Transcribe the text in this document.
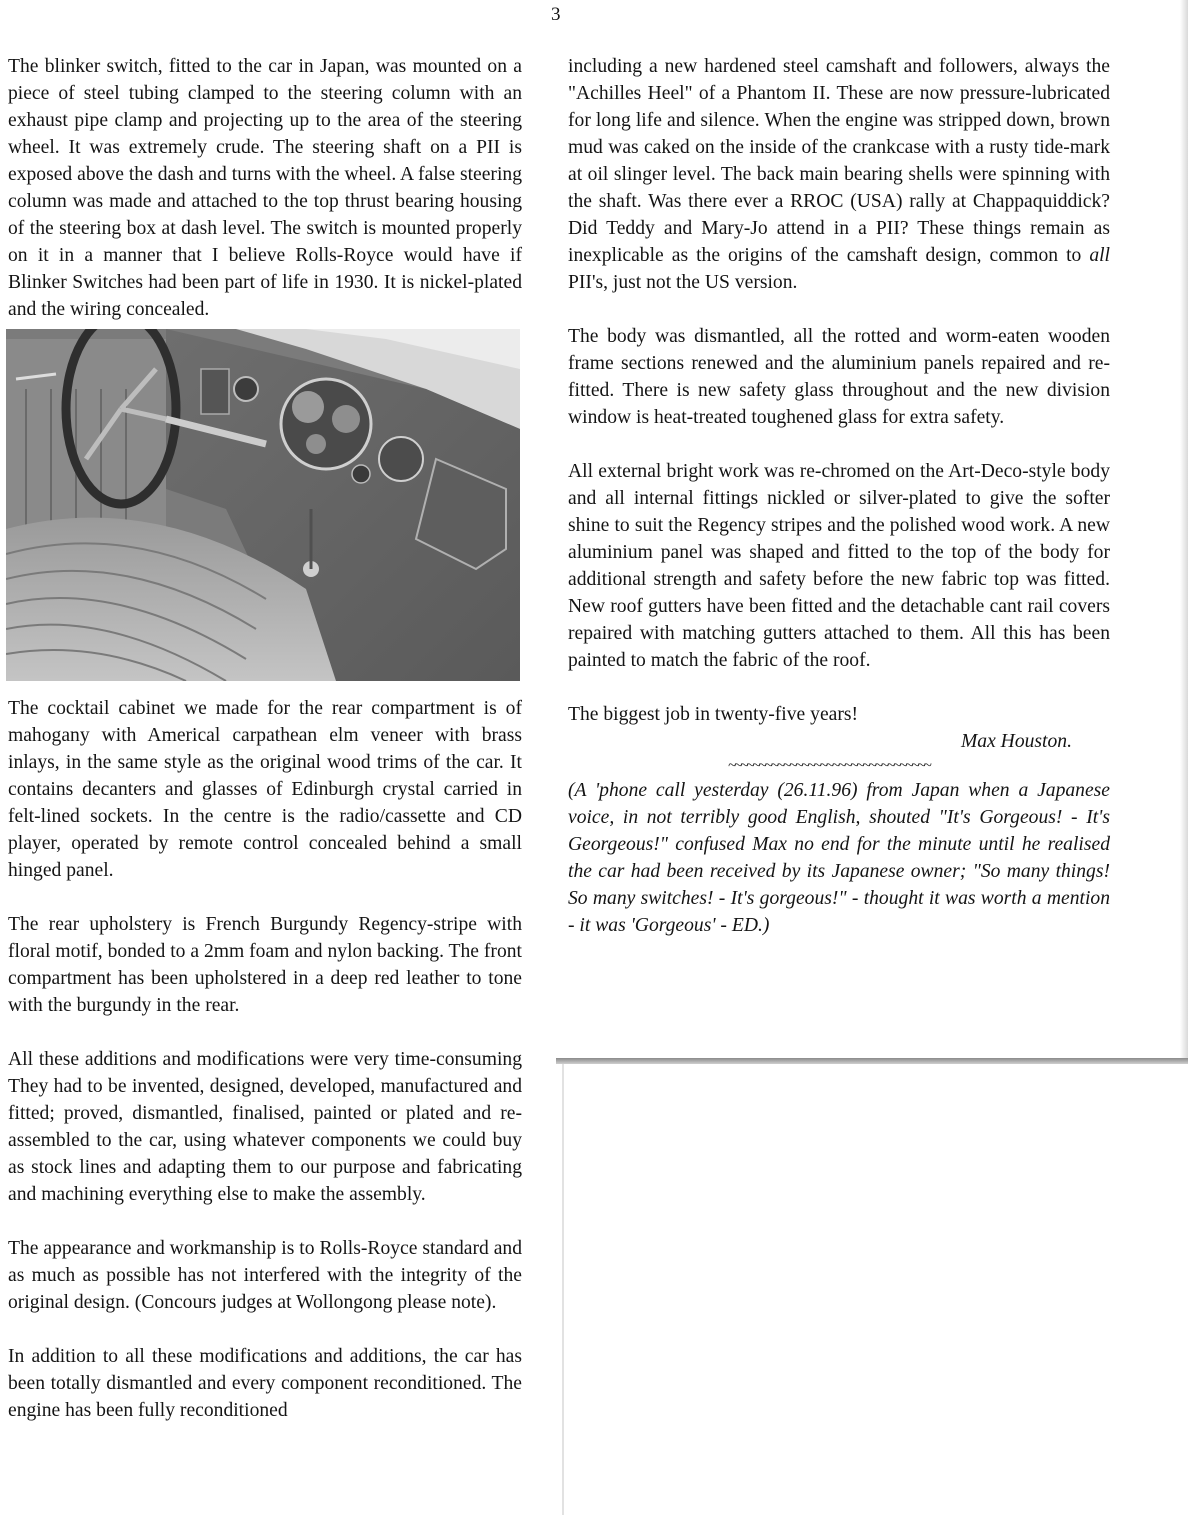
3

The blinker switch, fitted to the car in Japan, was mounted on a piece of steel tubing clamped to the steering column with an exhaust pipe clamp and projecting up to the area of the steering wheel. It was extremely crude. The steering shaft on a PII is exposed above the dash and turns with the wheel. A false steering column was made and attached to the top thrust bearing housing of the steering box at dash level. The switch is mounted properly on it in a manner that I believe Rolls-Royce would have if Blinker Switches had been part of life in 1930. It is nickel-plated and the wiring concealed.

The cocktail cabinet we made for the rear compartment is of mahogany with Americal carpathean elm veneer with brass inlays, in the same style as the original wood trims of the car. It contains decanters and glasses of Edinburgh crystal carried in felt-lined sockets. In the centre is the radio/cassette and CD player, operated by remote control concealed behind a small hinged panel.

The rear upholstery is French Burgundy Regency-stripe with floral motif, bonded to a 2mm foam and nylon backing. The front compartment has been upholstered in a deep red leather to tone with the burgundy in the rear.

All these additions and modifications were very time-consuming They had to be invented, designed, developed, manufactured and fitted; proved, dismantled, finalised, painted or plated and re-assembled to the car, using whatever components we could buy as stock lines and adapting them to our purpose and fabricating and machining everything else to make the assembly.

The appearance and workmanship is to Rolls-Royce standard and as much as possible has not interfered with the integrity of the original design. (Concours judges at Wollongong please note).

In addition to all these modifications and additions, the car has been totally dismantled and every component reconditioned. The engine has been fully reconditioned

including a new hardened steel camshaft and followers, always the "Achilles Heel" of a Phantom II. These are now pressure-lubricated for long life and silence. When the engine was stripped down, brown mud was caked on the inside of the crankcase with a rusty tide-mark at oil slinger level. The back main bearing shells were spinning with the shaft. Was there ever a RROC (USA) rally at Chappaquiddick? Did Teddy and Mary-Jo attend in a PII? These things remain as inexplicable as the origins of the camshaft design, common to all PII's, just not the US version.

The body was dismantled, all the rotted and worm-eaten wooden frame sections renewed and the aluminium panels repaired and re-fitted. There is new safety glass throughout and the new division window is heat-treated toughened glass for extra safety.

All external bright work was re-chromed on the Art-Deco-style body and all internal fittings nickled or silver-plated to give the softer shine to suit the Regency stripes and the polished wood work. A new aluminium panel was shaped and fitted to the top of the body for additional strength and safety before the new fabric top was fitted. New roof gutters have been fitted and the detachable cant rail covers repaired with matching gutters attached to them. All this has been painted to match the fabric of the roof.

The biggest job in twenty-five years!

Max Houston.

~~~~~~~~~~~~~~~~~~~~~~~~~~~~~~~~~

(A 'phone call yesterday (26.11.96) from Japan when a Japanese voice, in not terribly good English, shouted "It's Gorgeous! - It's Georgeous!" confused Max no end for the minute until he realised the car had been received by its Japanese owner; "So many things! So many switches! - It's gorgeous!" - thought it was worth a mention - it was 'Gorgeous' - ED.)
